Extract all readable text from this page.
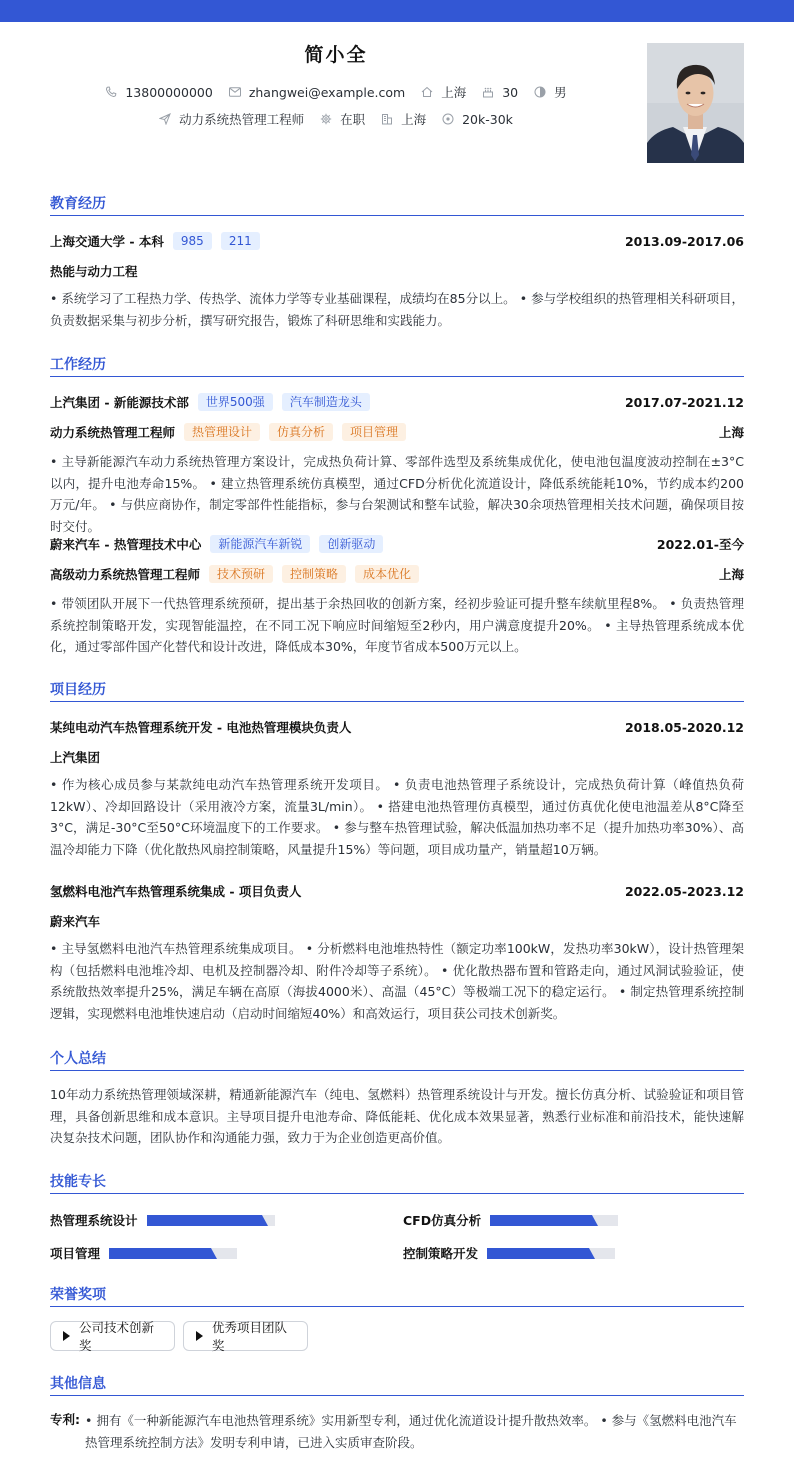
简小全
13800000000	zhangwei@example.com	上海	30	男
动力系统热管理工程师	在职	上海	20k-30k
教育经历
上海交通大学 - 本科	985	211	2013.09-2017.06
热能与动力工程

• 系统学习了工程热力学、传热学、流体力学等专业基础课程，成绩均在85分以上。 • 参与学校组织的热管理相关科研项目，负责数据采集与初步分析，撰写研究报告，锻炼了科研思维和实践能力。

工作经历
上汽集团 - 新能源技术部	世界500强	汽车制造龙头	2017.07-2021.12
动力系统热管理工程师	热管理设计	仿真分析	项目管理	上海

• 主导新能源汽车动力系统热管理方案设计，完成热负荷计算、零部件选型及系统集成优化，使电池包温度波动控制在±3°C以内，提升电池寿命15%。 • 建立热管理系统仿真模型，通过CFD分析优化流道设计，降低系统能耗10%，节约成本约200万元/年。 • 与供应商协作，制定零部件性能指标，参与台架测试和整车试验，解决30余项热管理相关技术问题，确保项目按时交付。

蔚来汽车 - 热管理技术中心	新能源汽车新锐	创新驱动	2022.01-至今
高级动力系统热管理工程师	技术预研	控制策略	成本优化	上海

• 带领团队开展下一代热管理系统预研，提出基于余热回收的创新方案，经初步验证可提升整车续航里程8%。 • 负责热管理系统控制策略开发，实现智能温控，在不同工况下响应时间缩短至2秒内，用户满意度提升20%。 • 主导热管理系统成本优化，通过零部件国产化替代和设计改进，降低成本30%，年度节省成本500万元以上。

项目经历
某纯电动汽车热管理系统开发 - 电池热管理模块负责人	2018.05-2020.12
上汽集团

• 作为核心成员参与某款纯电动汽车热管理系统开发项目。 • 负责电池热管理子系统设计，完成热负荷计算（峰值热负荷12kW）、冷却回路设计（采用液冷方案，流量3L/min）。 • 搭建电池热管理仿真模型，通过仿真优化使电池温差从8°C降至3°C，满足-30°C至50°C环境温度下的工作要求。 • 参与整车热管理试验，解决低温加热功率不足（提升加热功率30%）、高温冷却能力下降（优化散热风扇控制策略，风量提升15%）等问题，项目成功量产，销量超10万辆。

氢燃料电池汽车热管理系统集成 - 项目负责人	2022.05-2023.12
蔚来汽车

• 主导氢燃料电池汽车热管理系统集成项目。 • 分析燃料电池堆热特性（额定功率100kW，发热功率30kW），设计热管理架构（包括燃料电池堆冷却、电机及控制器冷却、附件冷却等子系统）。 • 优化散热器布置和管路走向，通过风洞试验验证，使系统散热效率提升25%，满足车辆在高原（海拔4000米）、高温（45°C）等极端工况下的稳定运行。 • 制定热管理系统控制逻辑，实现燃料电池堆快速启动（启动时间缩短40%）和高效运行，项目获公司技术创新奖。

个人总结

10年动力系统热管理领域深耕，精通新能源汽车（纯电、氢燃料）热管理系统设计与开发。擅长仿真分析、试验验证和项目管理，具备创新思维和成本意识。主导项目提升电池寿命、降低能耗、优化成本效果显著，熟悉行业标准和前沿技术，能快速解决复杂技术问题，团队协作和沟通能力强，致力于为企业创造更高价值。

技能专长
热管理系统设计	CFD仿真分析
项目管理	控制策略开发
荣誉奖项
公司技术创新奖
优秀项目团队奖
其他信息
专利: • 拥有《一种新能源汽车电池热管理系统》实用新型专利，通过优化流道设计提升散热效率。 • 参与《氢燃料电池汽车热管理系统控制方法》发明专利申请，已进入实质审查阶段。
